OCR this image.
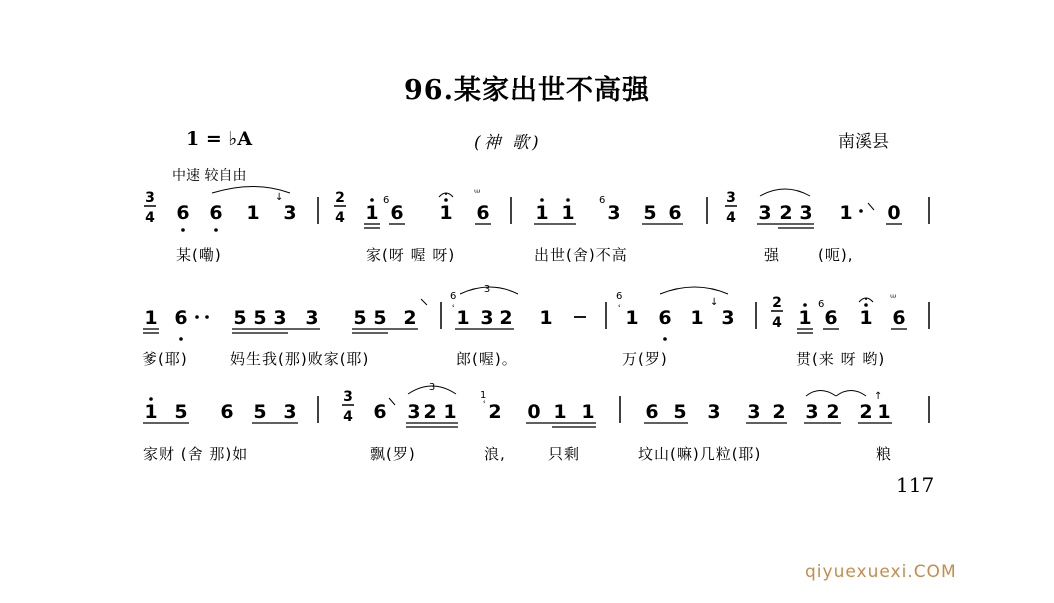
96.某家出世不高强
1 = ♭A	(神 歌)	南溪县
中速 较自由
3
4 6 6 1
↓
3
2
4 1
6
6 1
ᵚ
6 1 1
6
3 5 6
3
4 3 2 3 1 0
1 6 5 5 3 3 5 5 2
6
ʿ 1 3 2
3
1
6
ʿ 1 6 1
↓
3
2
4 1
6
6 1
ᵚ
6
1 5 6 5 3
3
4 6 3 2 1
3
1
ʿ 2 0 1 1	6 5 3 3 2 3 2 2
↑
1
某(嘞)	家(呀 喔 呀)	出世(舍)不高	强	(呃),
爹(耶)	妈生我(那)败家(耶)	郎(喔)。	万(罗)	贯(来 呀 哟)
家财 (舍 那)如	飘(罗)	浪,	只剩	坟山(嘛)几粒(耶)	粮
117
qiyuexuexi.COM
